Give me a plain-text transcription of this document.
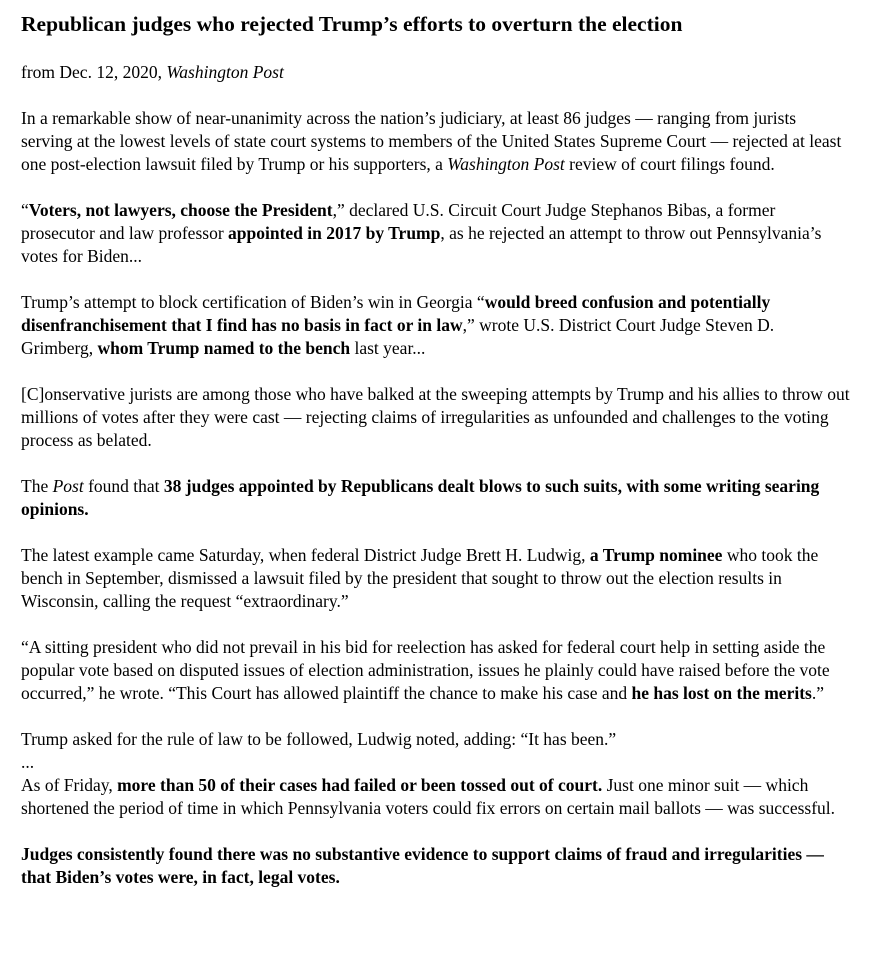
Republican judges who rejected Trump’s efforts to overturn the election
from Dec. 12, 2020, Washington Post

In a remarkable show of near-unanimity across the nation’s judiciary, at least 86 judges — ranging from jurists serving at the lowest levels of state court systems to members of the United States Supreme Court — rejected at least one post-election lawsuit filed by Trump or his supporters, a Washington Post review of court filings found.

“Voters, not lawyers, choose the President,” declared U.S. Circuit Court Judge Stephanos Bibas, a former prosecutor and law professor appointed in 2017 by Trump, as he rejected an attempt to throw out Pennsylvania’s votes for Biden...

Trump’s attempt to block certification of Biden’s win in Georgia “would breed confusion and potentially disenfranchisement that I find has no basis in fact or in law,” wrote U.S. District Court Judge Steven D. Grimberg, whom Trump named to the bench last year...

[C]onservative jurists are among those who have balked at the sweeping attempts by Trump and his allies to throw out millions of votes after they were cast — rejecting claims of irregularities as unfounded and challenges to the voting process as belated.

The Post found that 38 judges appointed by Republicans dealt blows to such suits, with some writing searing opinions.

The latest example came Saturday, when federal District Judge Brett H. Ludwig, a Trump nominee who took the bench in September, dismissed a lawsuit filed by the president that sought to throw out the election results in Wisconsin, calling the request “extraordinary.”

“A sitting president who did not prevail in his bid for reelection has asked for federal court help in setting aside the popular vote based on disputed issues of election administration, issues he plainly could have raised before the vote occurred,” he wrote. “This Court has allowed plaintiff the chance to make his case and he has lost on the merits.”

Trump asked for the rule of law to be followed, Ludwig noted, adding: “It has been.”

...

As of Friday, more than 50 of their cases had failed or been tossed out of court. Just one minor suit — which shortened the period of time in which Pennsylvania voters could fix errors on certain mail ballots — was successful.

Judges consistently found there was no substantive evidence to support claims of fraud and irregularities — that Biden’s votes were, in fact, legal votes.
